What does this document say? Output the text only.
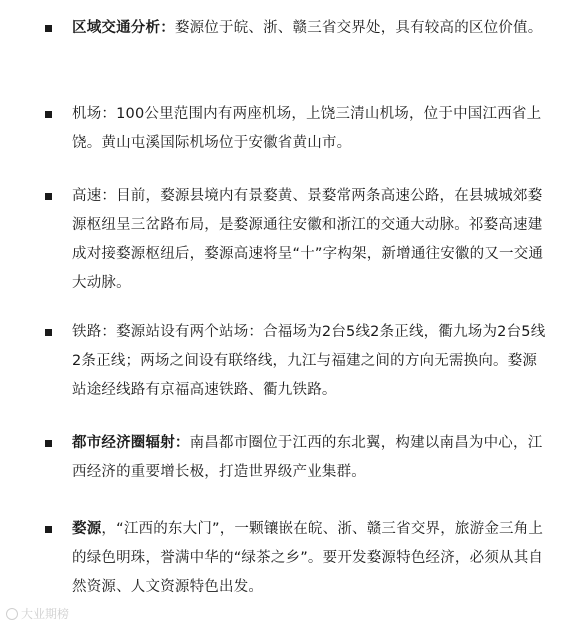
区域交通分析：婺源位于皖、浙、赣三省交界处，具有较高的区位价值。
机场：100公里范围内有两座机场，上饶三清山机场，位于中国江西省上饶。黄山屯溪国际机场位于安徽省黄山市。
高速：目前，婺源县境内有景婺黄、景婺常两条高速公路，在县城城郊婺源枢纽呈三岔路布局，是婺源通往安徽和浙江的交通大动脉。祁婺高速建成对接婺源枢纽后，婺源高速将呈“十”字构架，新增通往安徽的又一交通大动脉。
铁路：婺源站设有两个站场：合福场为2台5线2条正线，衢九场为2台5线2条正线；两场之间设有联络线，九江与福建之间的方向无需换向。婺源站途经线路有京福高速铁路、衢九铁路。
都市经济圈辐射：南昌都市圈位于江西的东北翼，构建以南昌为中心，江西经济的重要增长极，打造世界级产业集群。
婺源，“江西的东大门”，一颗镶嵌在皖、浙、赣三省交界，旅游金三角上的绿色明珠，誉满中华的“绿茶之乡”。要开发婺源特色经济，必须从其自然资源、人文资源特色出发。
大业期榜
